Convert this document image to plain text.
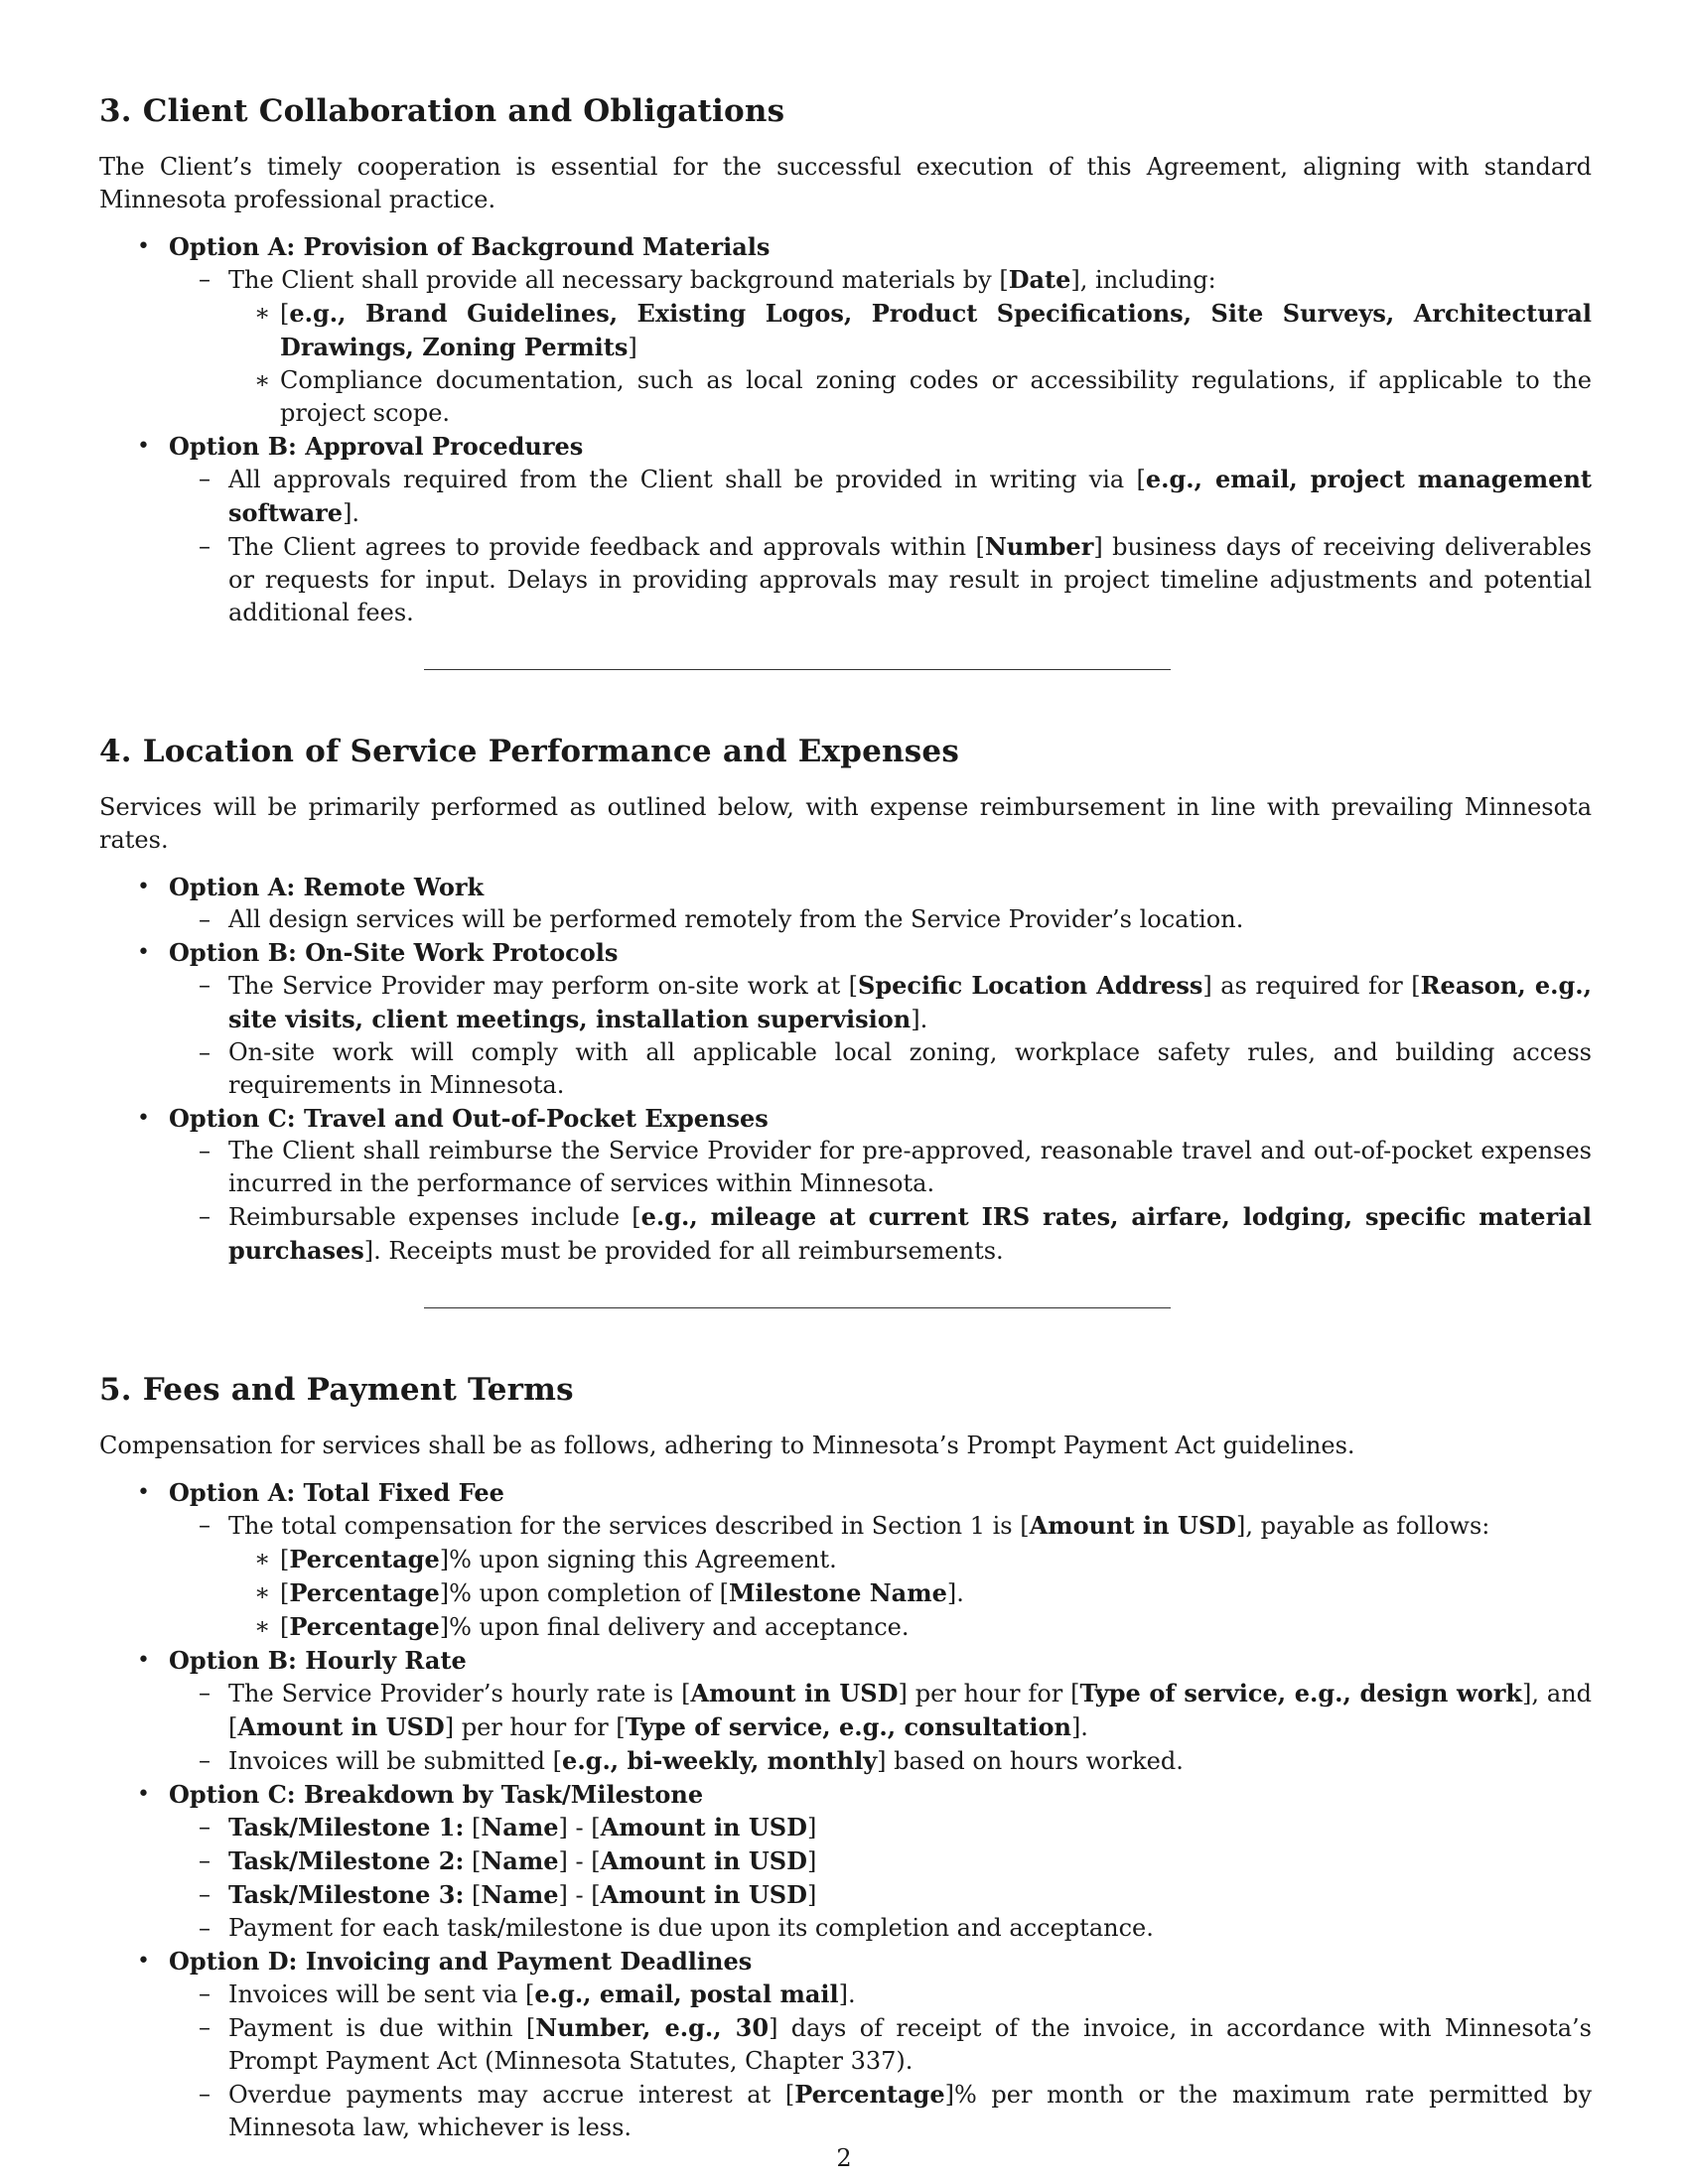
3. Client Collaboration and Obligations

The Client’s timely cooperation is essential for the successful execution of this Agreement, aligning with standard Minnesota professional practice.

• Option A: Provision of Background Materials
– The Client shall provide all necessary background materials by [Date], including:
∗ [e.g., Brand Guidelines, Existing Logos, Product Specifications, Site Surveys, Architectural Drawings, Zoning Permits]
∗ Compliance documentation, such as local zoning codes or accessibility regulations, if applicable to the project scope.
• Option B: Approval Procedures
– All approvals required from the Client shall be provided in writing via [e.g., email, project management software].
– The Client agrees to provide feedback and approvals within [Number] business days of receiving deliverables or requests for input. Delays in providing approvals may result in project timeline adjustments and potential additional fees.
4. Location of Service Performance and Expenses

Services will be primarily performed as outlined below, with expense reimbursement in line with prevailing Minnesota rates.

• Option A: Remote Work
– All design services will be performed remotely from the Service Provider’s location.
• Option B: On-Site Work Protocols
– The Service Provider may perform on-site work at [Specific Location Address] as required for [Reason, e.g., site visits, client meetings, installation supervision].
– On-site work will comply with all applicable local zoning, workplace safety rules, and building access requirements in Minnesota.
• Option C: Travel and Out-of-Pocket Expenses
– The Client shall reimburse the Service Provider for pre-approved, reasonable travel and out-of-pocket expenses incurred in the performance of services within Minnesota.
– Reimbursable expenses include [e.g., mileage at current IRS rates, airfare, lodging, specific material purchases]. Receipts must be provided for all reimbursements.
5. Fees and Payment Terms

Compensation for services shall be as follows, adhering to Minnesota’s Prompt Payment Act guidelines.

• Option A: Total Fixed Fee
– The total compensation for the services described in Section 1 is [Amount in USD], payable as follows:
∗ [Percentage]% upon signing this Agreement.
∗ [Percentage]% upon completion of [Milestone Name].
∗ [Percentage]% upon final delivery and acceptance.
• Option B: Hourly Rate
– The Service Provider’s hourly rate is [Amount in USD] per hour for [Type of service, e.g., design work], and [Amount in USD] per hour for [Type of service, e.g., consultation].
– Invoices will be submitted [e.g., bi-weekly, monthly] based on hours worked.
• Option C: Breakdown by Task/Milestone
– Task/Milestone 1: [Name] - [Amount in USD]
– Task/Milestone 2: [Name] - [Amount in USD]
– Task/Milestone 3: [Name] - [Amount in USD]
– Payment for each task/milestone is due upon its completion and acceptance.
• Option D: Invoicing and Payment Deadlines
– Invoices will be sent via [e.g., email, postal mail].
– Payment is due within [Number, e.g., 30] days of receipt of the invoice, in accordance with Minnesota’s Prompt Payment Act (Minnesota Statutes, Chapter 337).
– Overdue payments may accrue interest at [Percentage]% per month or the maximum rate permitted by Minnesota law, whichever is less.
2
